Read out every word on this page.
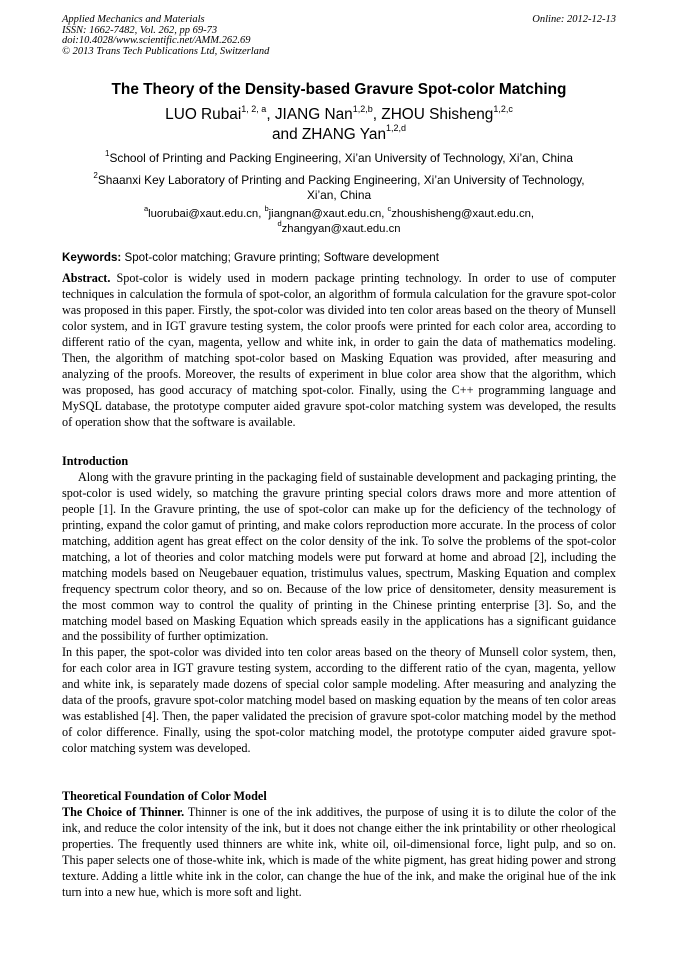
Applied Mechanics and Materials
ISSN: 1662-7482, Vol. 262, pp 69-73
doi:10.4028/www.scientific.net/AMM.262.69
© 2013 Trans Tech Publications Ltd, Switzerland
Online: 2012-12-13
The Theory of the Density-based Gravure Spot-color Matching
LUO Rubai$^{1, 2, a}$, JIANG Nan$^{1,2,b}$, ZHOU Shisheng$^{1,2,c}$
and ZHANG Yan$^{1,2,d}$
$^1$School of Printing and Packing Engineering, Xi’an University of Technology, Xi’an, China
$^2$Shaanxi Key Laboratory of Printing and Packing Engineering, Xi’an University of Technology,
Xi’an, China
$^a$luorubai@xaut.edu.cn, $^b$jiangnan@xaut.edu.cn, $^c$zhoushisheng@xaut.edu.cn,
$^d$zhangyan@xaut.edu.cn
Keywords: Spot-color matching; Gravure printing; Software development

Abstract. Spot-color is widely used in modern package printing technology. In order to use of computer techniques in calculation the formula of spot-color, an algorithm of formula calculation for the gravure spot-color was proposed in this paper. Firstly, the spot-color was divided into ten color areas based on the theory of Munsell color system, and in IGT gravure testing system, the color proofs were printed for each color area, according to different ratio of the cyan, magenta, yellow and white ink, in order to gain the data of mathematics modeling. Then, the algorithm of matching spot-color based on Masking Equation was provided, after measuring and analyzing of the proofs. Moreover, the results of experiment in blue color area show that the algorithm, which was proposed, has good accuracy of matching spot-color. Finally, using the C++ programming language and MySQL database, the prototype computer aided gravure spot-color matching system was developed, the results of operation show that the software is available.

Introduction

Along with the gravure printing in the packaging field of sustainable development and packaging printing, the spot-color is used widely, so matching the gravure printing special colors draws more and more attention of people [1]. In the Gravure printing, the use of spot-color can make up for the deficiency of the technology of printing, expand the color gamut of printing, and make colors reproduction more accurate. In the process of color matching, addition agent has great effect on the color density of the ink. To solve the problems of the spot-color matching, a lot of theories and color matching models were put forward at home and abroad [2], including the matching models based on Neugebauer equation, tristimulus values, spectrum, Masking Equation and complex frequency spectrum color theory, and so on. Because of the low price of densitometer, density measurement is the most common way to control the quality of printing in the Chinese printing enterprise [3]. So, and the matching model based on Masking Equation which spreads easily in the applications has a significant guidance and the possibility of further optimization.

In this paper, the spot-color was divided into ten color areas based on the theory of Munsell color system, then, for each color area in IGT gravure testing system, according to the different ratio of the cyan, magenta, yellow and white ink, is separately made dozens of special color sample modeling. After measuring and analyzing the data of the proofs, gravure spot-color matching model based on masking equation by the means of ten color areas was established [4]. Then, the paper validated the precision of gravure spot-color matching model by the method of color difference. Finally, using the spot-color matching model, the prototype computer aided gravure spot-color matching system was developed.

Theoretical Foundation of Color Model

The Choice of Thinner. Thinner is one of the ink additives, the purpose of using it is to dilute the color of the ink, and reduce the color intensity of the ink, but it does not change either the ink printability or other rheological properties. The frequently used thinners are white ink, white oil, oil-dimensional force, light pulp, and so on. This paper selects one of those-white ink, which is made of the white pigment, has great hiding power and strong texture. Adding a little white ink in the color, can change the hue of the ink, and make the original hue of the ink turn into a new hue, which is more soft and light.
